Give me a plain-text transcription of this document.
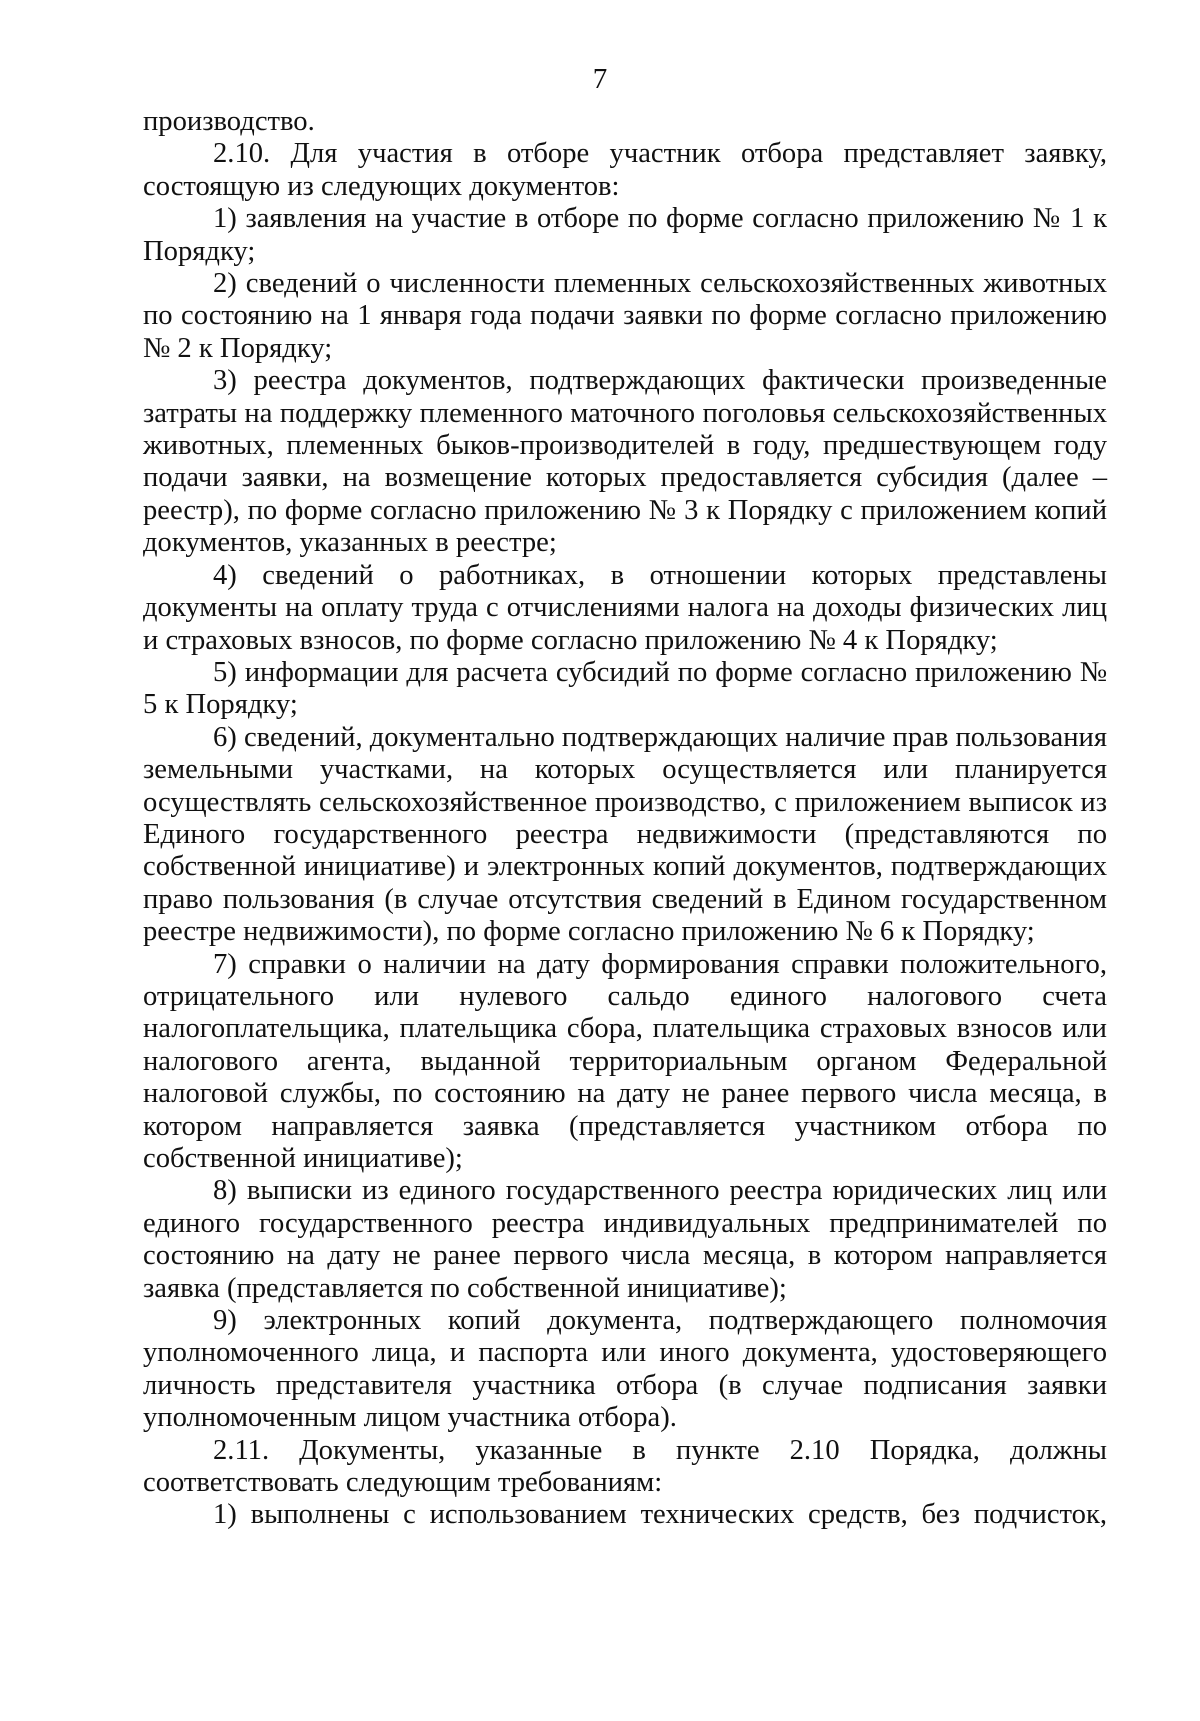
7

производство.

2.10. Для участия в отборе участник отбора представляет заявку, состоящую из следующих документов:

1) заявления на участие в отборе по форме согласно приложению № 1 к Порядку;

2) сведений о численности племенных сельскохозяйственных животных по состоянию на 1 января года подачи заявки по форме согласно приложению № 2 к Порядку;

3) реестра документов, подтверждающих фактически произведенные затраты на поддержку племенного маточного поголовья сельскохозяйственных животных, племенных быков-производителей в году, предшествующем году подачи заявки, на возмещение которых предоставляется субсидия (далее – реестр), по форме согласно приложению № 3 к Порядку с приложением копий документов, указанных в реестре;

4) сведений о работниках, в отношении которых представлены документы на оплату труда с отчислениями налога на доходы физических лиц и страховых взносов, по форме согласно приложению № 4 к Порядку;

5) информации для расчета субсидий по форме согласно приложению № 5 к Порядку;

6) сведений, документально подтверждающих наличие прав пользования земельными участками, на которых осуществляется или планируется осуществлять сельскохозяйственное производство, с приложением выписок из Единого государственного реестра недвижимости (представляются по собственной инициативе) и электронных копий документов, подтверждающих право пользования (в случае отсутствия сведений в Едином государственном реестре недвижимости), по форме согласно приложению № 6 к Порядку;

7) справки о наличии на дату формирования справки положительного, отрицательного или нулевого сальдо единого налогового счета налогоплательщика, плательщика сбора, плательщика страховых взносов или налогового агента, выданной территориальным органом Федеральной налоговой службы, по состоянию на дату не ранее первого числа месяца, в котором направляется заявка (представляется участником отбора по собственной инициативе);

8) выписки из единого государственного реестра юридических лиц или единого государственного реестра индивидуальных предпринимателей по состоянию на дату не ранее первого числа месяца, в котором направляется заявка (представляется по собственной инициативе);

9) электронных копий документа, подтверждающего полномочия уполномоченного лица, и паспорта или иного документа, удостоверяющего личность представителя участника отбора (в случае подписания заявки уполномоченным лицом участника отбора).

2.11. Документы, указанные в пункте 2.10 Порядка, должны соответствовать следующим требованиям:

1) выполнены с использованием технических средств, без подчисток,
